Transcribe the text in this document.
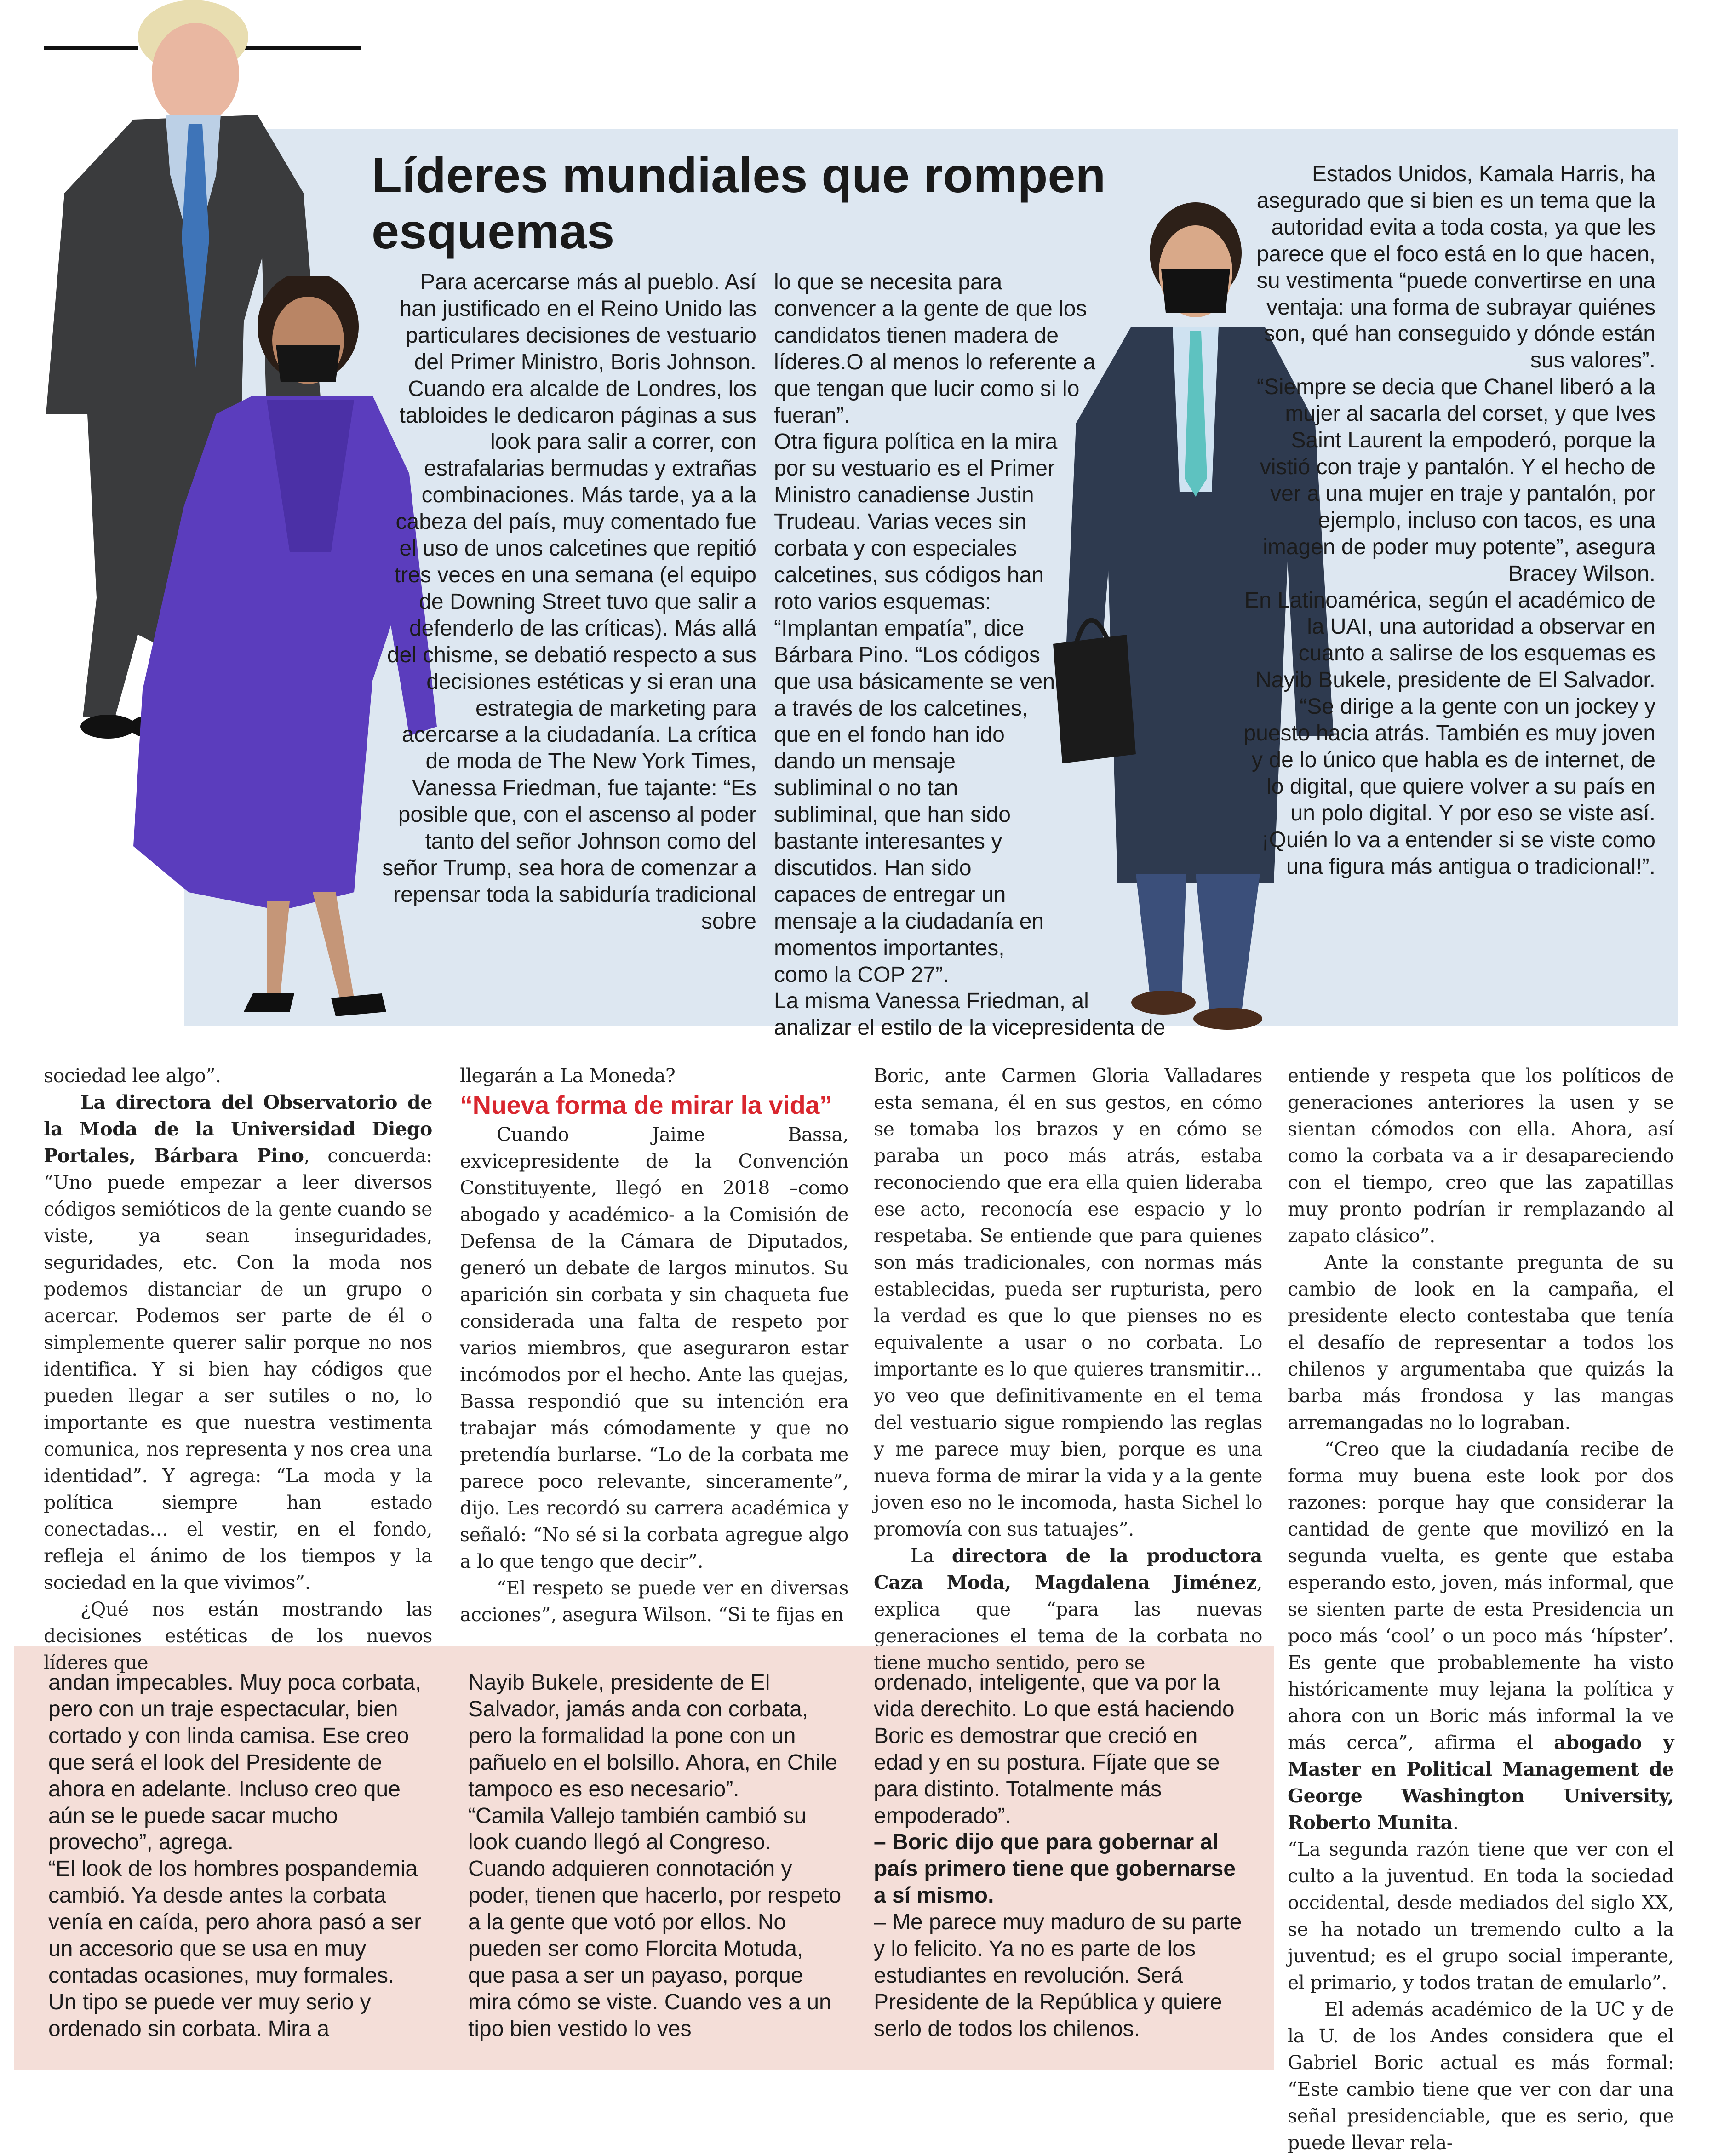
Líderes mundiales que rompen esquemas

Para acercarse más al pueblo. Así han justificado en el Reino Unido las particulares decisiones de vestuario del Primer Ministro, Boris Johnson. Cuando era alcalde de Londres, los tabloides le dedicaron páginas a sus look para salir a correr, con estrafalarias bermudas y extrañas combinaciones. Más tarde, ya a la cabeza del país, muy comentado fue el uso de unos calcetines que repitió tres veces en una semana (el equipo de Downing Street tuvo que salir a defenderlo de las críticas). Más allá del chisme, se debatió respecto a sus decisiones estéticas y si eran una estrategia de marketing para acercarse a la ciudadanía. La crítica de moda de The New York Times, Vanessa Friedman, fue tajante: “Es posible que, con el ascenso al poder tanto del señor Johnson como del señor Trump, sea hora de comenzar a repensar toda la sabiduría tradicional sobre

lo que se necesita para convencer a la gente de que los candidatos tienen madera de líderes.O al menos lo referente a que tengan que lucir como si lo fueran”.

Otra figura política en la mira por su vestuario es el Primer Ministro canadiense Justin Trudeau. Varias veces sin corbata y con especiales calcetines, sus códigos han roto varios esquemas: “Implantan empatía”, dice Bárbara Pino. “Los códigos que usa básicamente se ven a través de los calcetines, que en el fondo han ido dando un mensaje subliminal o no tan subliminal, que han sido bastante interesantes y discutidos. Han sido capaces de entregar un mensaje a la ciudadanía en momentos importantes, como la COP 27”.

La misma Vanessa Friedman, al analizar el estilo de la vicepresidenta de

Estados Unidos, Kamala Harris, ha asegurado que si bien es un tema que la autoridad evita a toda costa, ya que les parece que el foco está en lo que hacen, su vestimenta “puede convertirse en una ventaja: una forma de subrayar quiénes son, qué han conseguido y dónde están sus valores”.

“Siempre se decia que Chanel liberó a la mujer al sacarla del corset, y que Ives Saint Laurent la empoderó, porque la vistió con traje y pantalón. Y el hecho de ver a una mujer en traje y pantalón, por ejemplo, incluso con tacos, es una imagen de poder muy potente”, asegura Bracey Wilson.

En Latinoamérica, según el académico de la UAI, una autoridad a observar en cuanto a salirse de los esquemas es Nayib Bukele, presidente de El Salvador. “Se dirige a la gente con un jockey y puesto hacia atrás. También es muy joven y de lo único que habla es de internet, de lo digital, que quiere volver a su país en un polo digital. Y por eso se viste así. ¡Quién lo va a entender si se viste como una figura más antigua o tradicional!”.

sociedad lee algo”.

La directora del Observatorio de la Moda de la Universidad Diego Portales, Bárbara Pino, concuerda: “Uno puede empezar a leer diversos códigos semióticos de la gente cuando se viste, ya sean inseguridades, seguridades, etc. Con la moda nos podemos distanciar de un grupo o acercar. Podemos ser parte de él o simplemente querer salir porque no nos identifica. Y si bien hay códigos que pueden llegar a ser sutiles o no, lo importante es que nuestra vestimenta comunica, nos representa y nos crea una identidad”. Y agrega: “La moda y la política siempre han estado conectadas… el vestir, en el fondo, refleja el ánimo de los tiempos y la sociedad en la que vivimos”.

¿Qué nos están mostrando las decisiones estéticas de los nuevos líderes que

llegarán a La Moneda?

“Nueva forma de mirar la vida”

Cuando Jaime Bassa, exvicepresidente de la Convención Constituyente, llegó en 2018 –como abogado y académico- a la Comisión de Defensa de la Cámara de Diputados, generó un debate de largos minutos. Su aparición sin corbata y sin chaqueta fue considerada una falta de respeto por varios miembros, que aseguraron estar incómodos por el hecho. Ante las quejas, Bassa respondió que su intención era trabajar más cómodamente y que no pretendía burlarse. “Lo de la corbata me parece poco relevante, sinceramente”, dijo. Les recordó su carrera académica y señaló: “No sé si la corbata agregue algo a lo que tengo que decir”.

“El respeto se puede ver en diversas acciones”, asegura Wilson. “Si te fijas en

Boric, ante Carmen Gloria Valladares esta semana, él en sus gestos, en cómo se tomaba los brazos y en cómo se paraba un poco más atrás, estaba reconociendo que era ella quien lideraba ese acto, reconocía ese espacio y lo respetaba. Se entiende que para quienes son más tradicionales, con normas más establecidas, pueda ser rupturista, pero la verdad es que lo que pienses no es equivalente a usar o no corbata. Lo importante es lo que quieres transmitir… yo veo que definitivamente en el tema del vestuario sigue rompiendo las reglas y me parece muy bien, porque es una nueva forma de mirar la vida y a la gente joven eso no le incomoda, hasta Sichel lo promovía con sus tatuajes”.

La directora de la productora Caza Moda, Magdalena Jiménez, explica que “para las nuevas generaciones el tema de la corbata no tiene mucho sentido, pero se

entiende y respeta que los políticos de generaciones anteriores la usen y se sientan cómodos con ella. Ahora, así como la corbata va a ir desapareciendo con el tiempo, creo que las zapatillas muy pronto podrían ir remplazando al zapato clásico”.

Ante la constante pregunta de su cambio de look en la campaña, el presidente electo contestaba que tenía el desafío de representar a todos los chilenos y argumentaba que quizás la barba más frondosa y las mangas arremangadas no lo lograban.

“Creo que la ciudadanía recibe de forma muy buena este look por dos razones: porque hay que considerar la cantidad de gente que movilizó en la segunda vuelta, es gente que estaba esperando esto, joven, más informal, que se sienten parte de esta Presidencia un poco más ‘cool’ o un poco más ‘hípster’. Es gente que probablemente ha visto históricamente muy lejana la política y ahora con un Boric más informal la ve más cerca”, afirma el abogado y Master en Political Management de George Washington University, Roberto Munita.

“La segunda razón tiene que ver con el culto a la juventud. En toda la sociedad occidental, desde mediados del siglo XX, se ha notado un tremendo culto a la juventud; es el grupo social imperante, el primario, y todos tratan de emularlo”.

El además académico de la UC y de la U. de los Andes considera que el Gabriel Boric actual es más formal: “Este cambio tiene que ver con dar una señal presidenciable, que es serio, que puede llevar rela-

andan impecables. Muy poca corbata, pero con un traje espectacular, bien cortado y con linda camisa. Ese creo que será el look del Presidente de ahora en adelante. Incluso creo que aún se le puede sacar mucho provecho”, agrega.

“El look de los hombres pospandemia cambió. Ya desde antes la corbata venía en caída, pero ahora pasó a ser un accesorio que se usa en muy contadas ocasiones, muy formales. Un tipo se puede ver muy serio y ordenado sin corbata. Mira a

Nayib Bukele, presidente de El Salvador, jamás anda con corbata, pero la formalidad la pone con un pañuelo en el bolsillo. Ahora, en Chile tampoco es eso necesario”.

“Camila Vallejo también cambió su look cuando llegó al Congreso. Cuando adquieren connotación y poder, tienen que hacerlo, por respeto a la gente que votó por ellos. No pueden ser como Florcita Motuda, que pasa a ser un payaso, porque mira cómo se viste. Cuando ves a un tipo bien vestido lo ves

ordenado, inteligente, que va por la vida derechito. Lo que está haciendo Boric es demostrar que creció en edad y en su postura. Fíjate que se para distinto. Totalmente más empoderado”.

– Boric dijo que para gobernar al país primero tiene que gobernarse a sí mismo.

– Me parece muy maduro de su parte y lo felicito. Ya no es parte de los estudiantes en revolución. Será Presidente de la República y quiere serlo de todos los chilenos.
